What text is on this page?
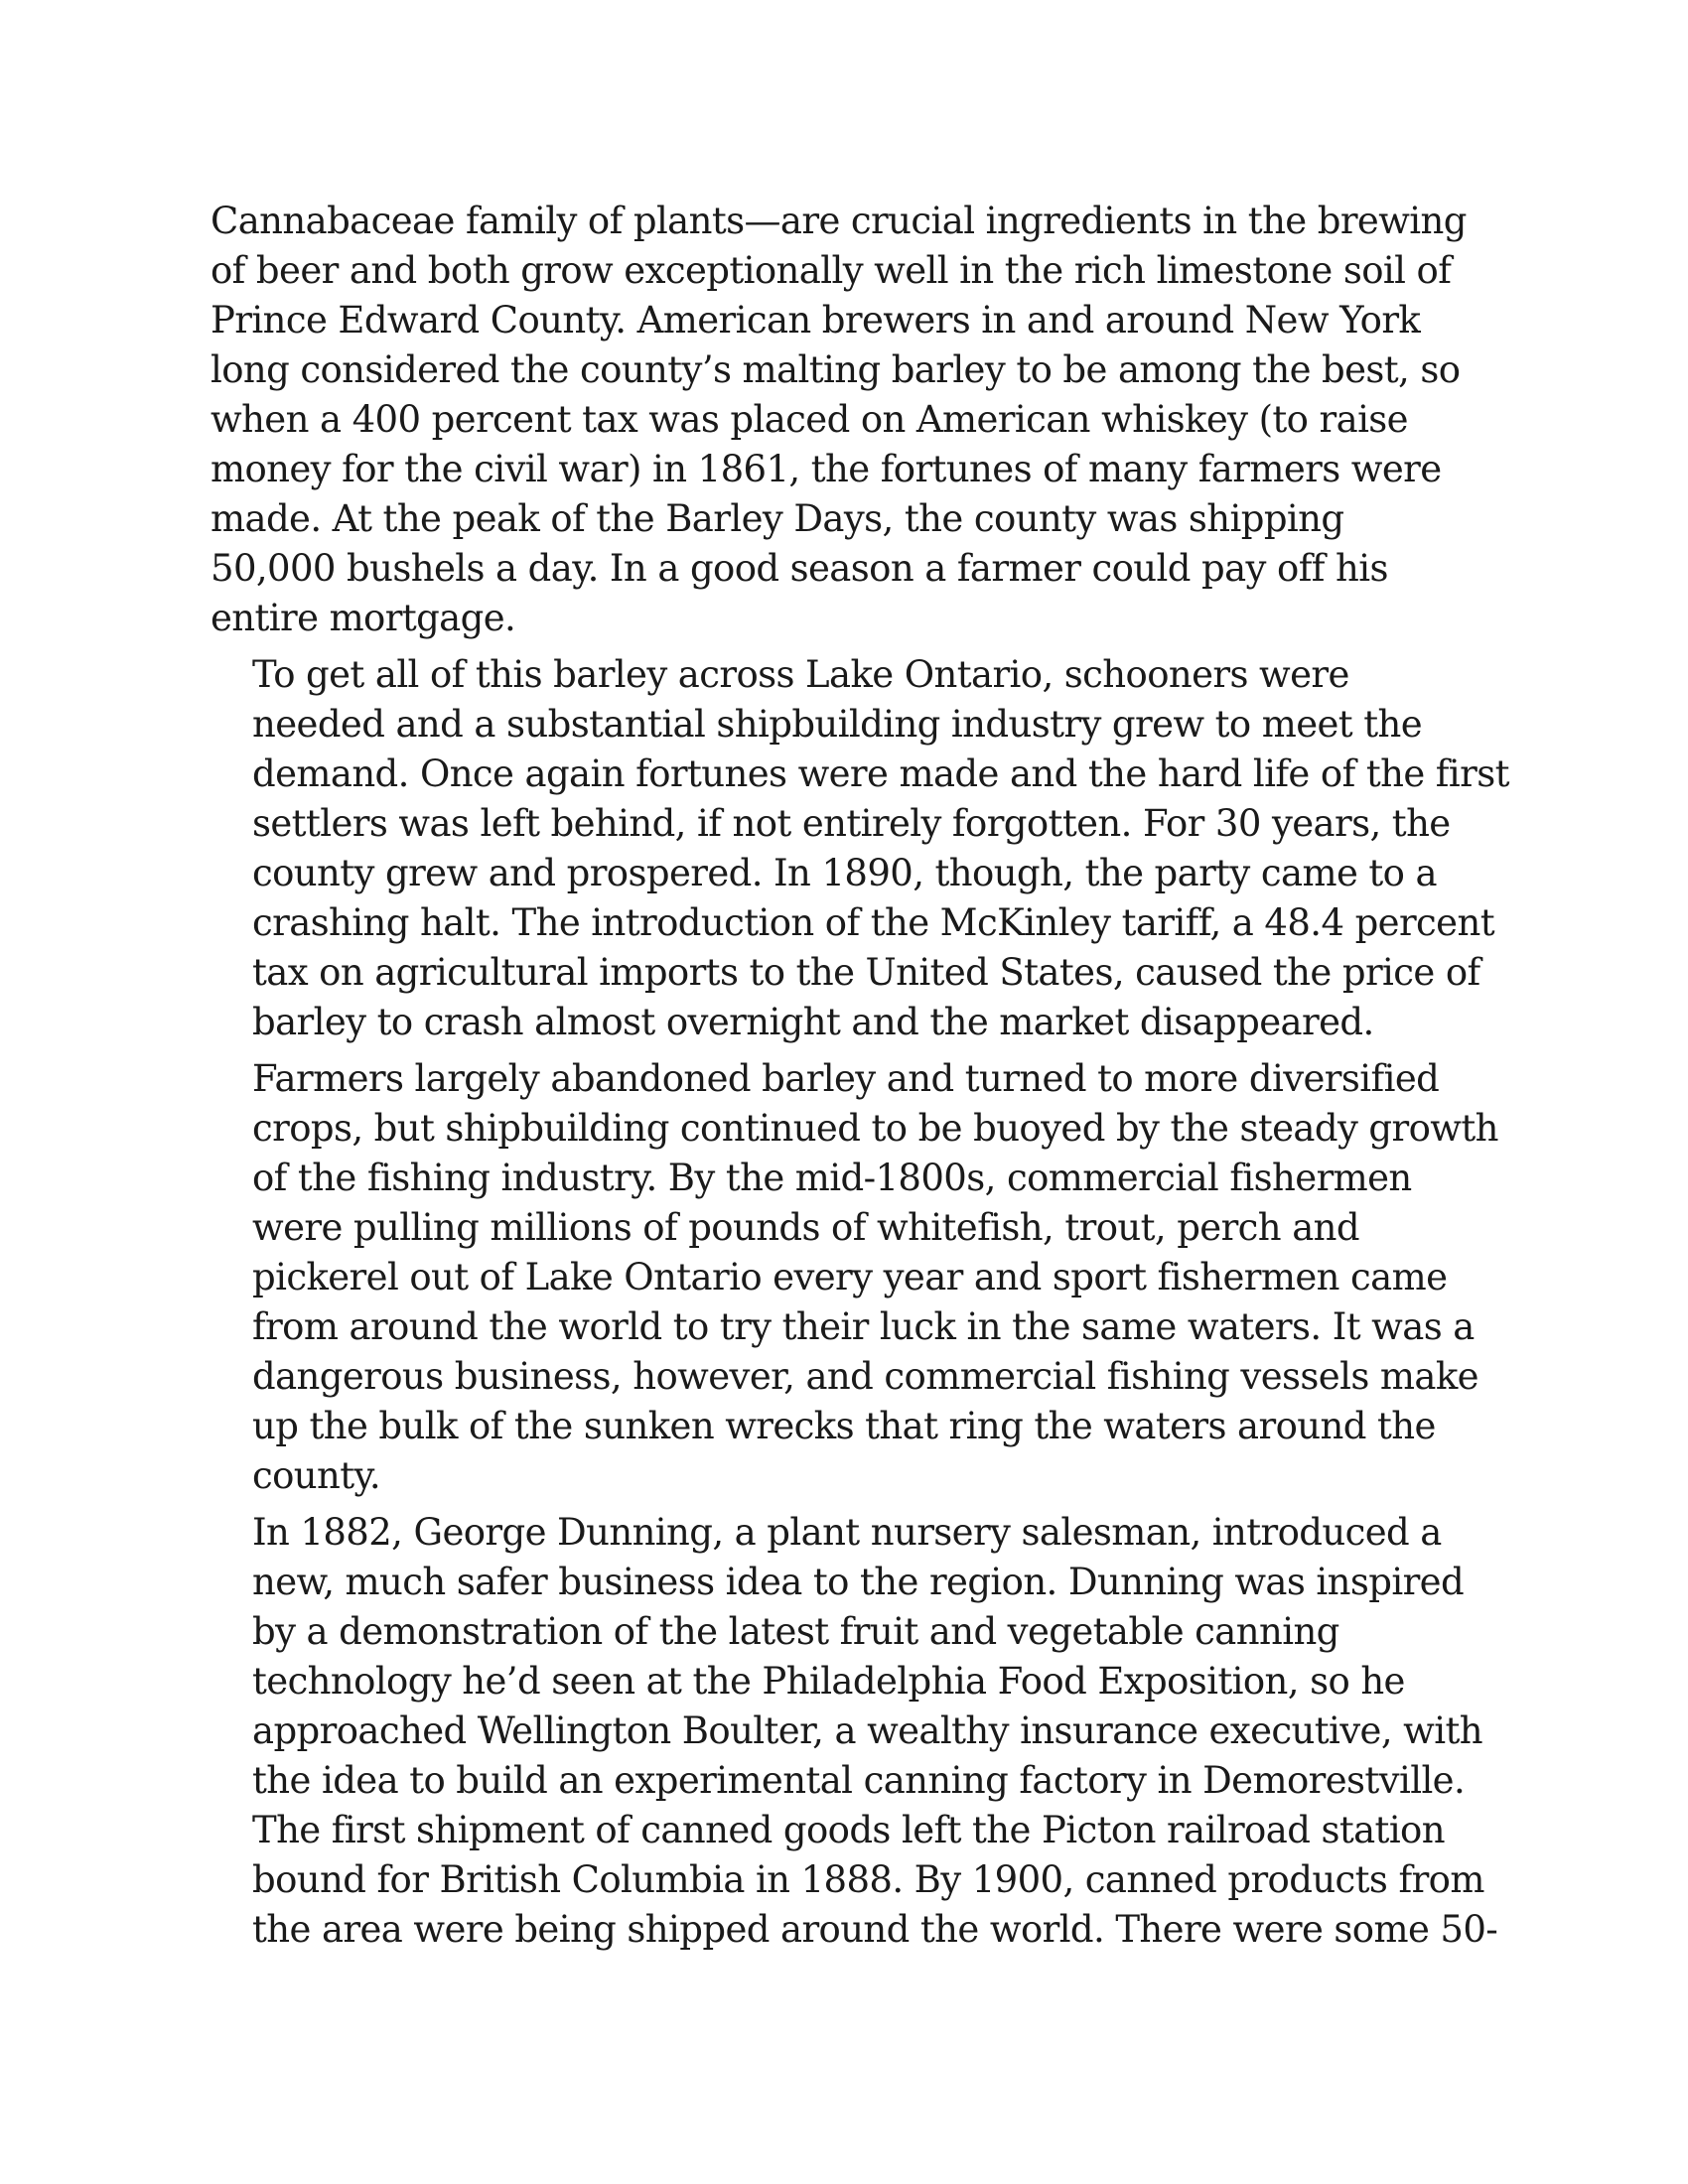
Cannabaceae family of plants—are crucial ingredients in the brewing
of beer and both grow exceptionally well in the rich limestone soil of
Prince Edward County. American brewers in and around New York
long considered the county’s malting barley to be among the best, so
when a 400 percent tax was placed on American whiskey (to raise
money for the civil war) in 1861, the fortunes of many farmers were
made. At the peak of the Barley Days, the county was shipping
50,000 bushels a day. In a good season a farmer could pay off his
entire mortgage.

To get all of this barley across Lake Ontario, schooners were
needed and a substantial shipbuilding industry grew to meet the
demand. Once again fortunes were made and the hard life of the first
settlers was left behind, if not entirely forgotten. For 30 years, the
county grew and prospered. In 1890, though, the party came to a
crashing halt. The introduction of the McKinley tariff, a 48.4 percent
tax on agricultural imports to the United States, caused the price of
barley to crash almost overnight and the market disappeared.

Farmers largely abandoned barley and turned to more diversified
crops, but shipbuilding continued to be buoyed by the steady growth
of the fishing industry. By the mid-1800s, commercial fishermen
were pulling millions of pounds of whitefish, trout, perch and
pickerel out of Lake Ontario every year and sport fishermen came
from around the world to try their luck in the same waters. It was a
dangerous business, however, and commercial fishing vessels make
up the bulk of the sunken wrecks that ring the waters around the
county.

In 1882, George Dunning, a plant nursery salesman, introduced a
new, much safer business idea to the region. Dunning was inspired
by a demonstration of the latest fruit and vegetable canning
technology he’d seen at the Philadelphia Food Exposition, so he
approached Wellington Boulter, a wealthy insurance executive, with
the idea to build an experimental canning factory in Demorestville.
The first shipment of canned goods left the Picton railroad station
bound for British Columbia in 1888. By 1900, canned products from
the area were being shipped around the world. There were some 50-
